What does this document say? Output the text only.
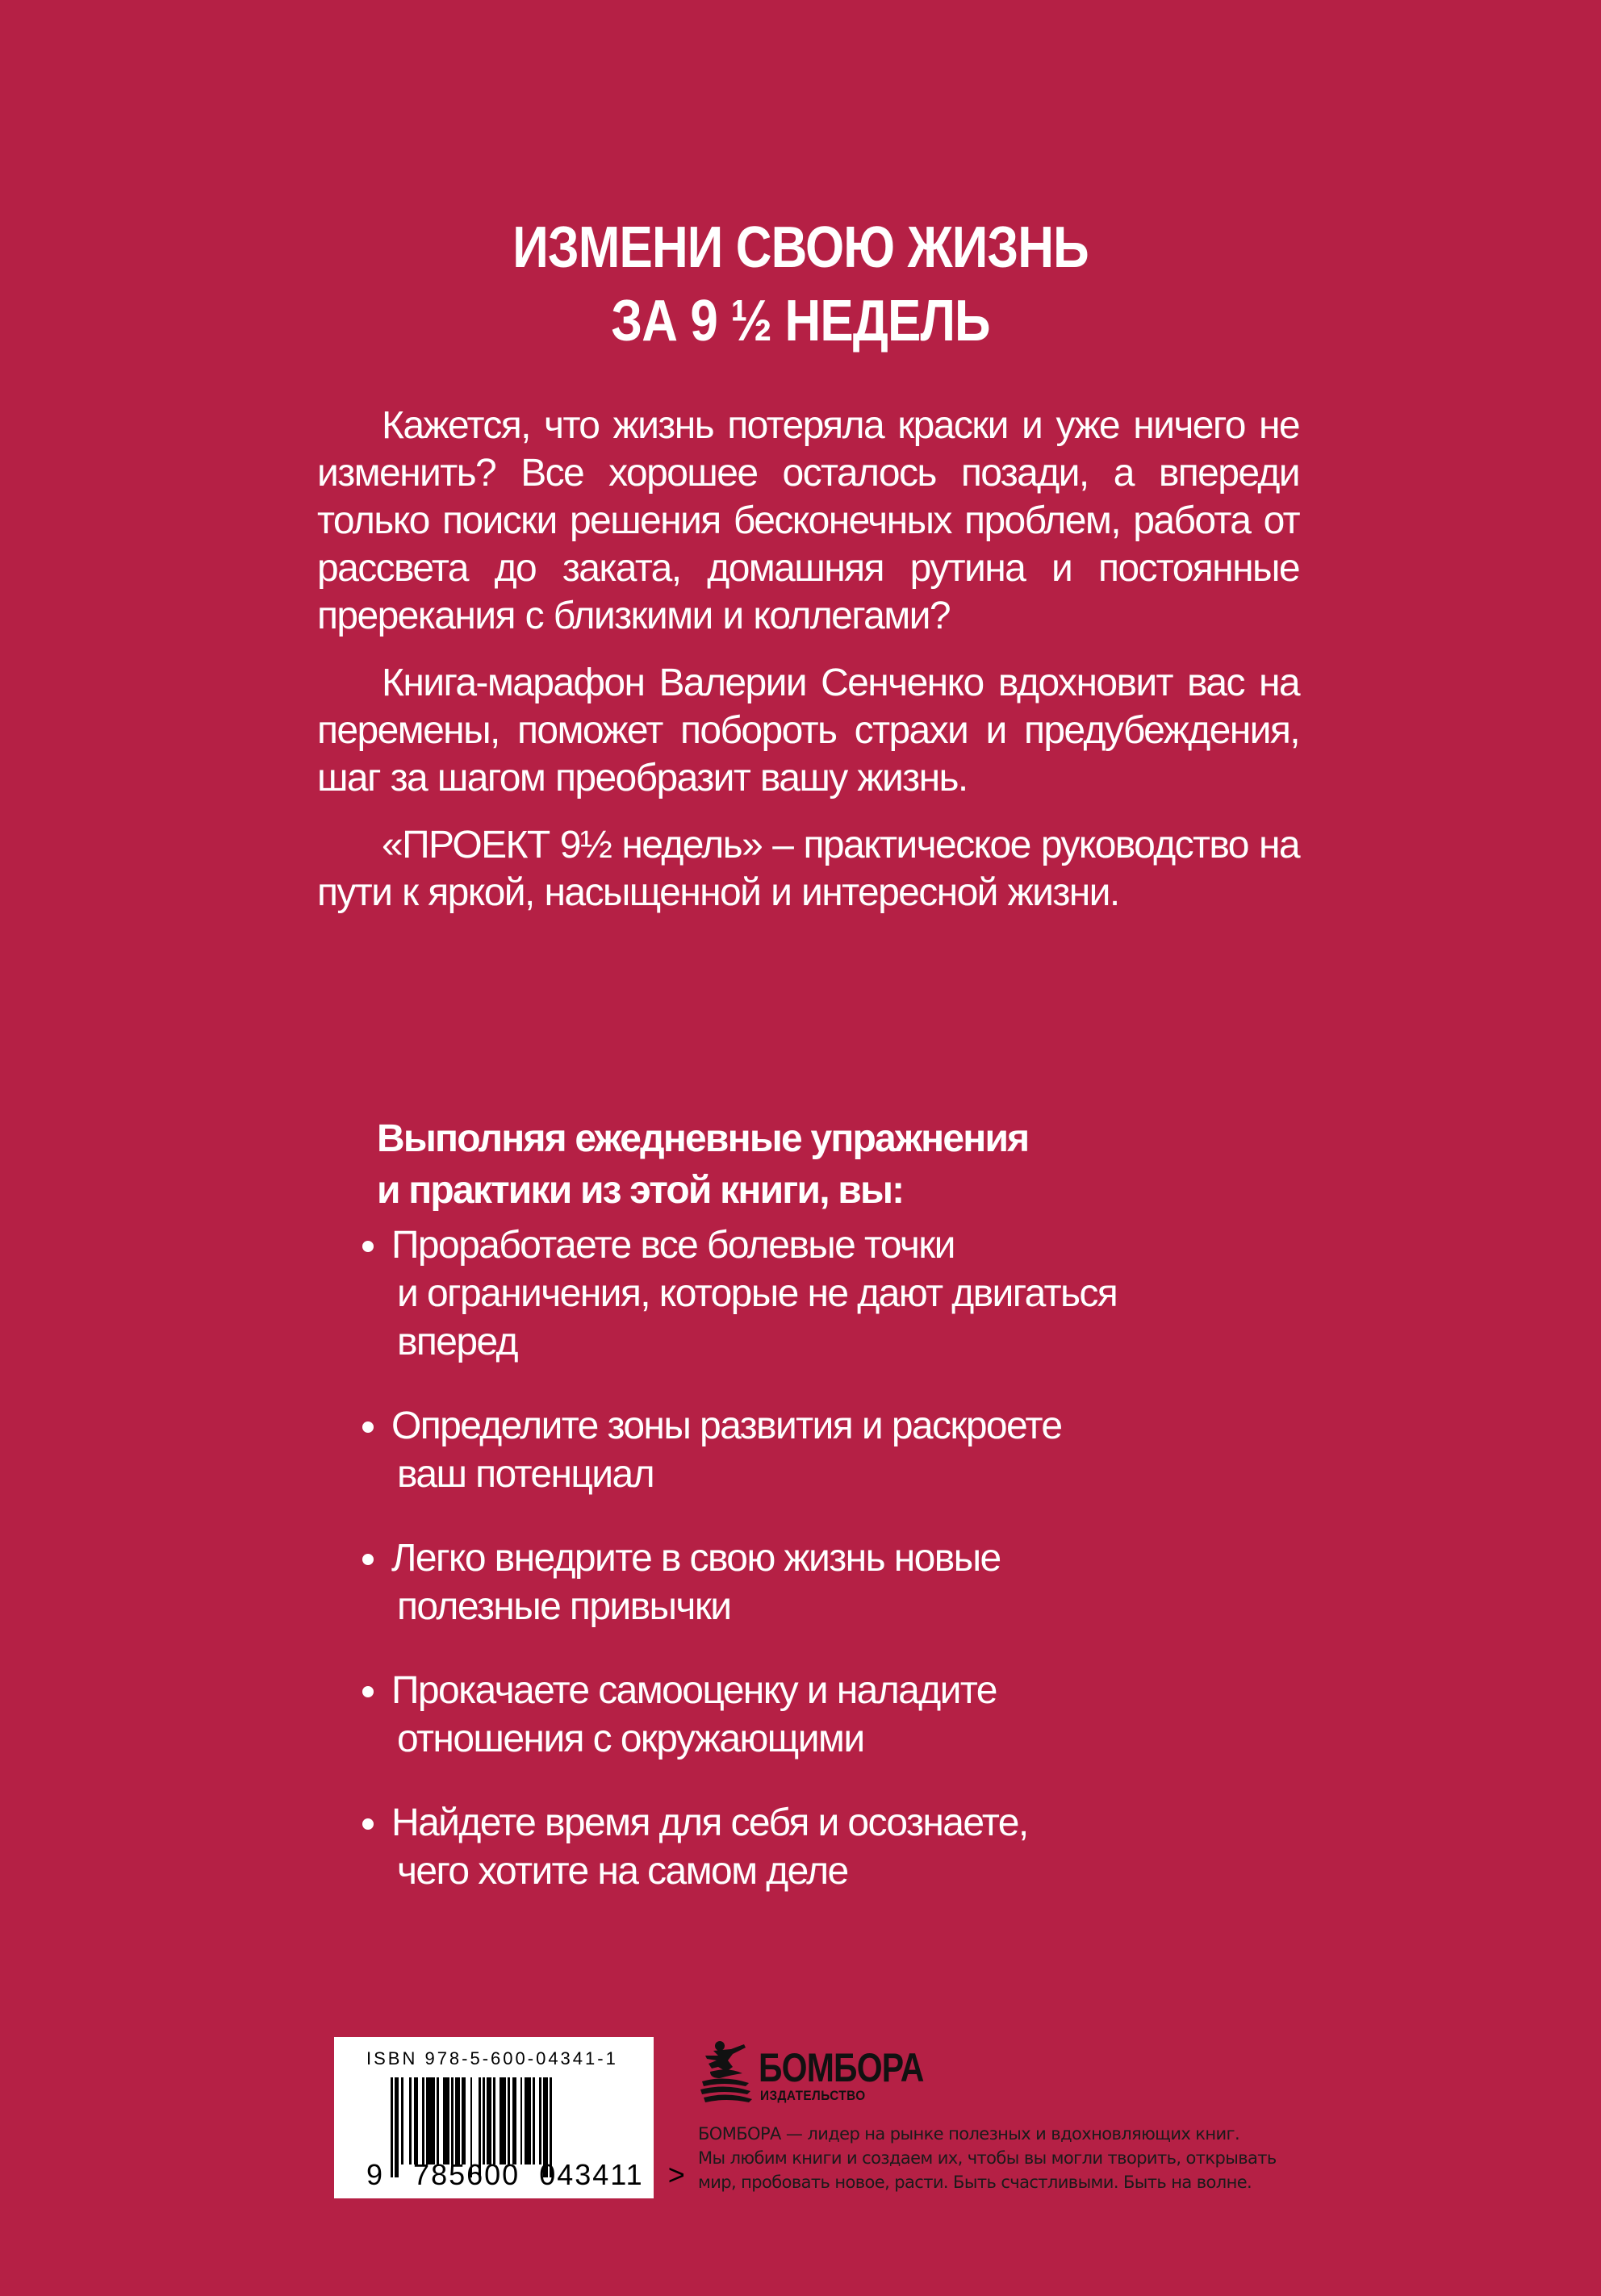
ИЗМЕНИ СВОЮ ЖИЗНЬ
ЗА 9 ½ НЕДЕЛЬ

Кажется, что жизнь потеряла краски и уже ничего не изменить? Все хорошее осталось позади, а впереди только поиски решения бесконечных проблем, работа от рассвета до заката, домашняя рутина и постоянные пререкания с близкими и коллегами?

Книга-марафон Валерии Сенченко вдохновит вас на перемены, поможет побороть страхи и предубеждения, шаг за шагом преобразит вашу жизнь.

«ПРОЕКТ 9½ недель» – практическое руководство на пути к яркой, насыщенной и интересной жизни.

Выполняя ежедневные упражнения
и практики из этой книги, вы:
Проработаете все болевые точки
и ограничения, которые не дают двигаться
вперед
Определите зоны развития и раскроете
ваш потенциал
Легко внедрите в свою жизнь новые
полезные привычки
Прокачаете самооценку и наладите
отношения с окружающими
Найдете время для себя и осознаете,
чего хотите на самом деле
ISBN 978-5-600-04341-1
9 785600 043411 >
БОМБОРА
ИЗДАТЕЛЬСТВО
БОМБОРА — лидер на рынке полезных и вдохновляющих книг.
Мы любим книги и создаем их, чтобы вы могли творить, открывать
мир, пробовать новое, расти. Быть счастливыми. Быть на волне.
